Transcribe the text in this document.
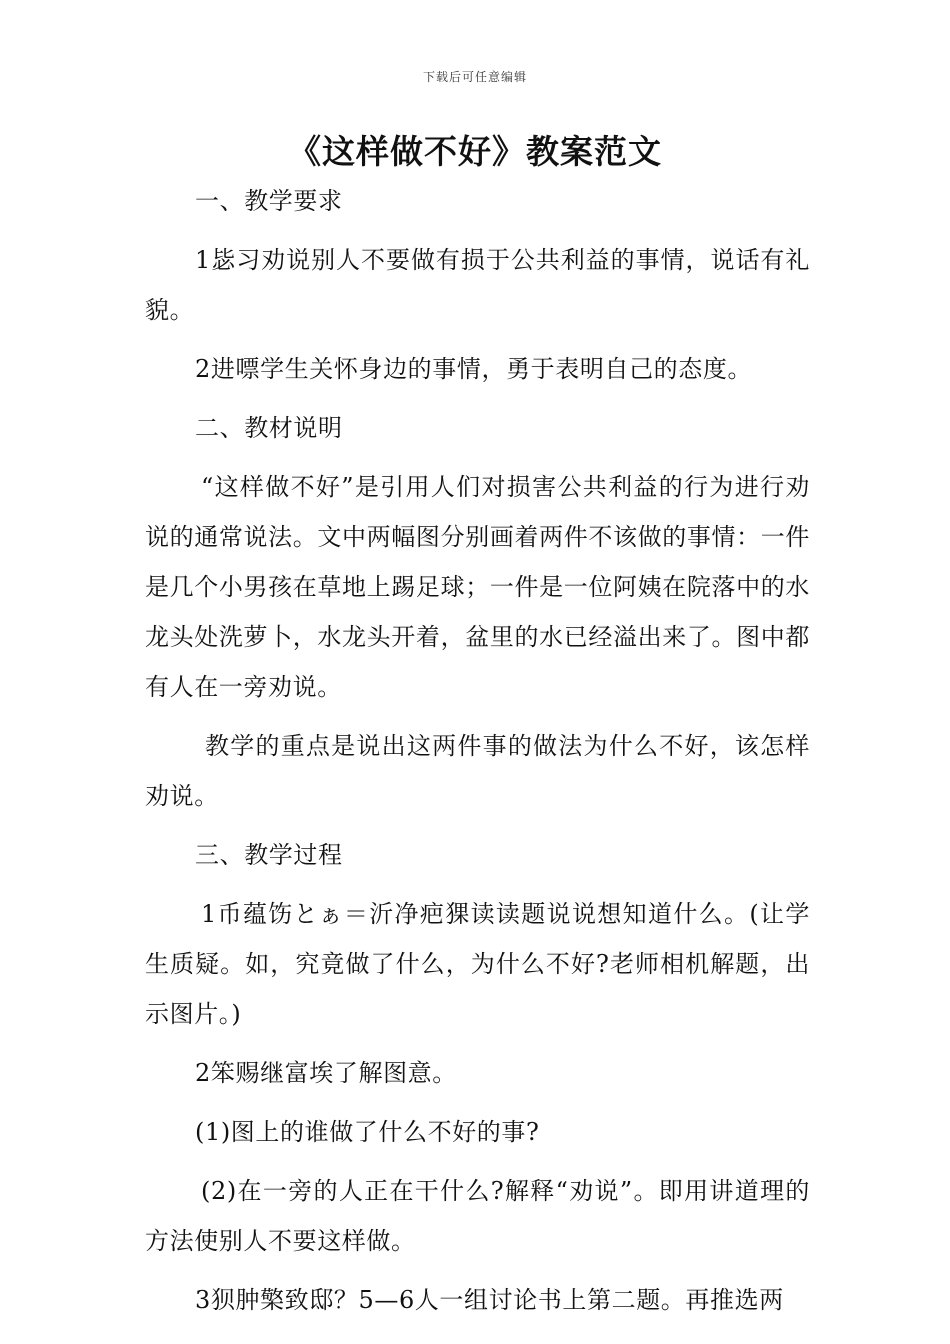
下载后可任意编辑
《这样做不好》教案范文

一、教学要求

1毖习劝说别人不要做有损于公共利益的事情，说话有礼貌。

2进嘌学生关怀身边的事情，勇于表明自己的态度。

二、教材说明

“这样做不好”是引用人们对损害公共利益的行为进行劝说的通常说法。文中两幅图分别画着两件不该做的事情：一件是几个小男孩在草地上踢足球；一件是一位阿姨在院落中的水龙头处洗萝卜，水龙头开着，盆里的水已经溢出来了。图中都有人在一旁劝说。

教学的重点是说出这两件事的做法为什么不好，该怎样劝说。

三、教学过程

1币蕴饬とぁ＝沂净疤猓读读题说说想知道什么。(让学生质疑。如，究竟做了什么，为什么不好?老师相机解题，出示图片。)

2笨赐继富埃了解图意。

(1)图上的谁做了什么不好的事?

(2)在一旁的人正在干什么?解释“劝说”。即用讲道理的方法使别人不要这样做。

3狈肿檠致邸？5—6人一组讨论书上第二题。再推选两
